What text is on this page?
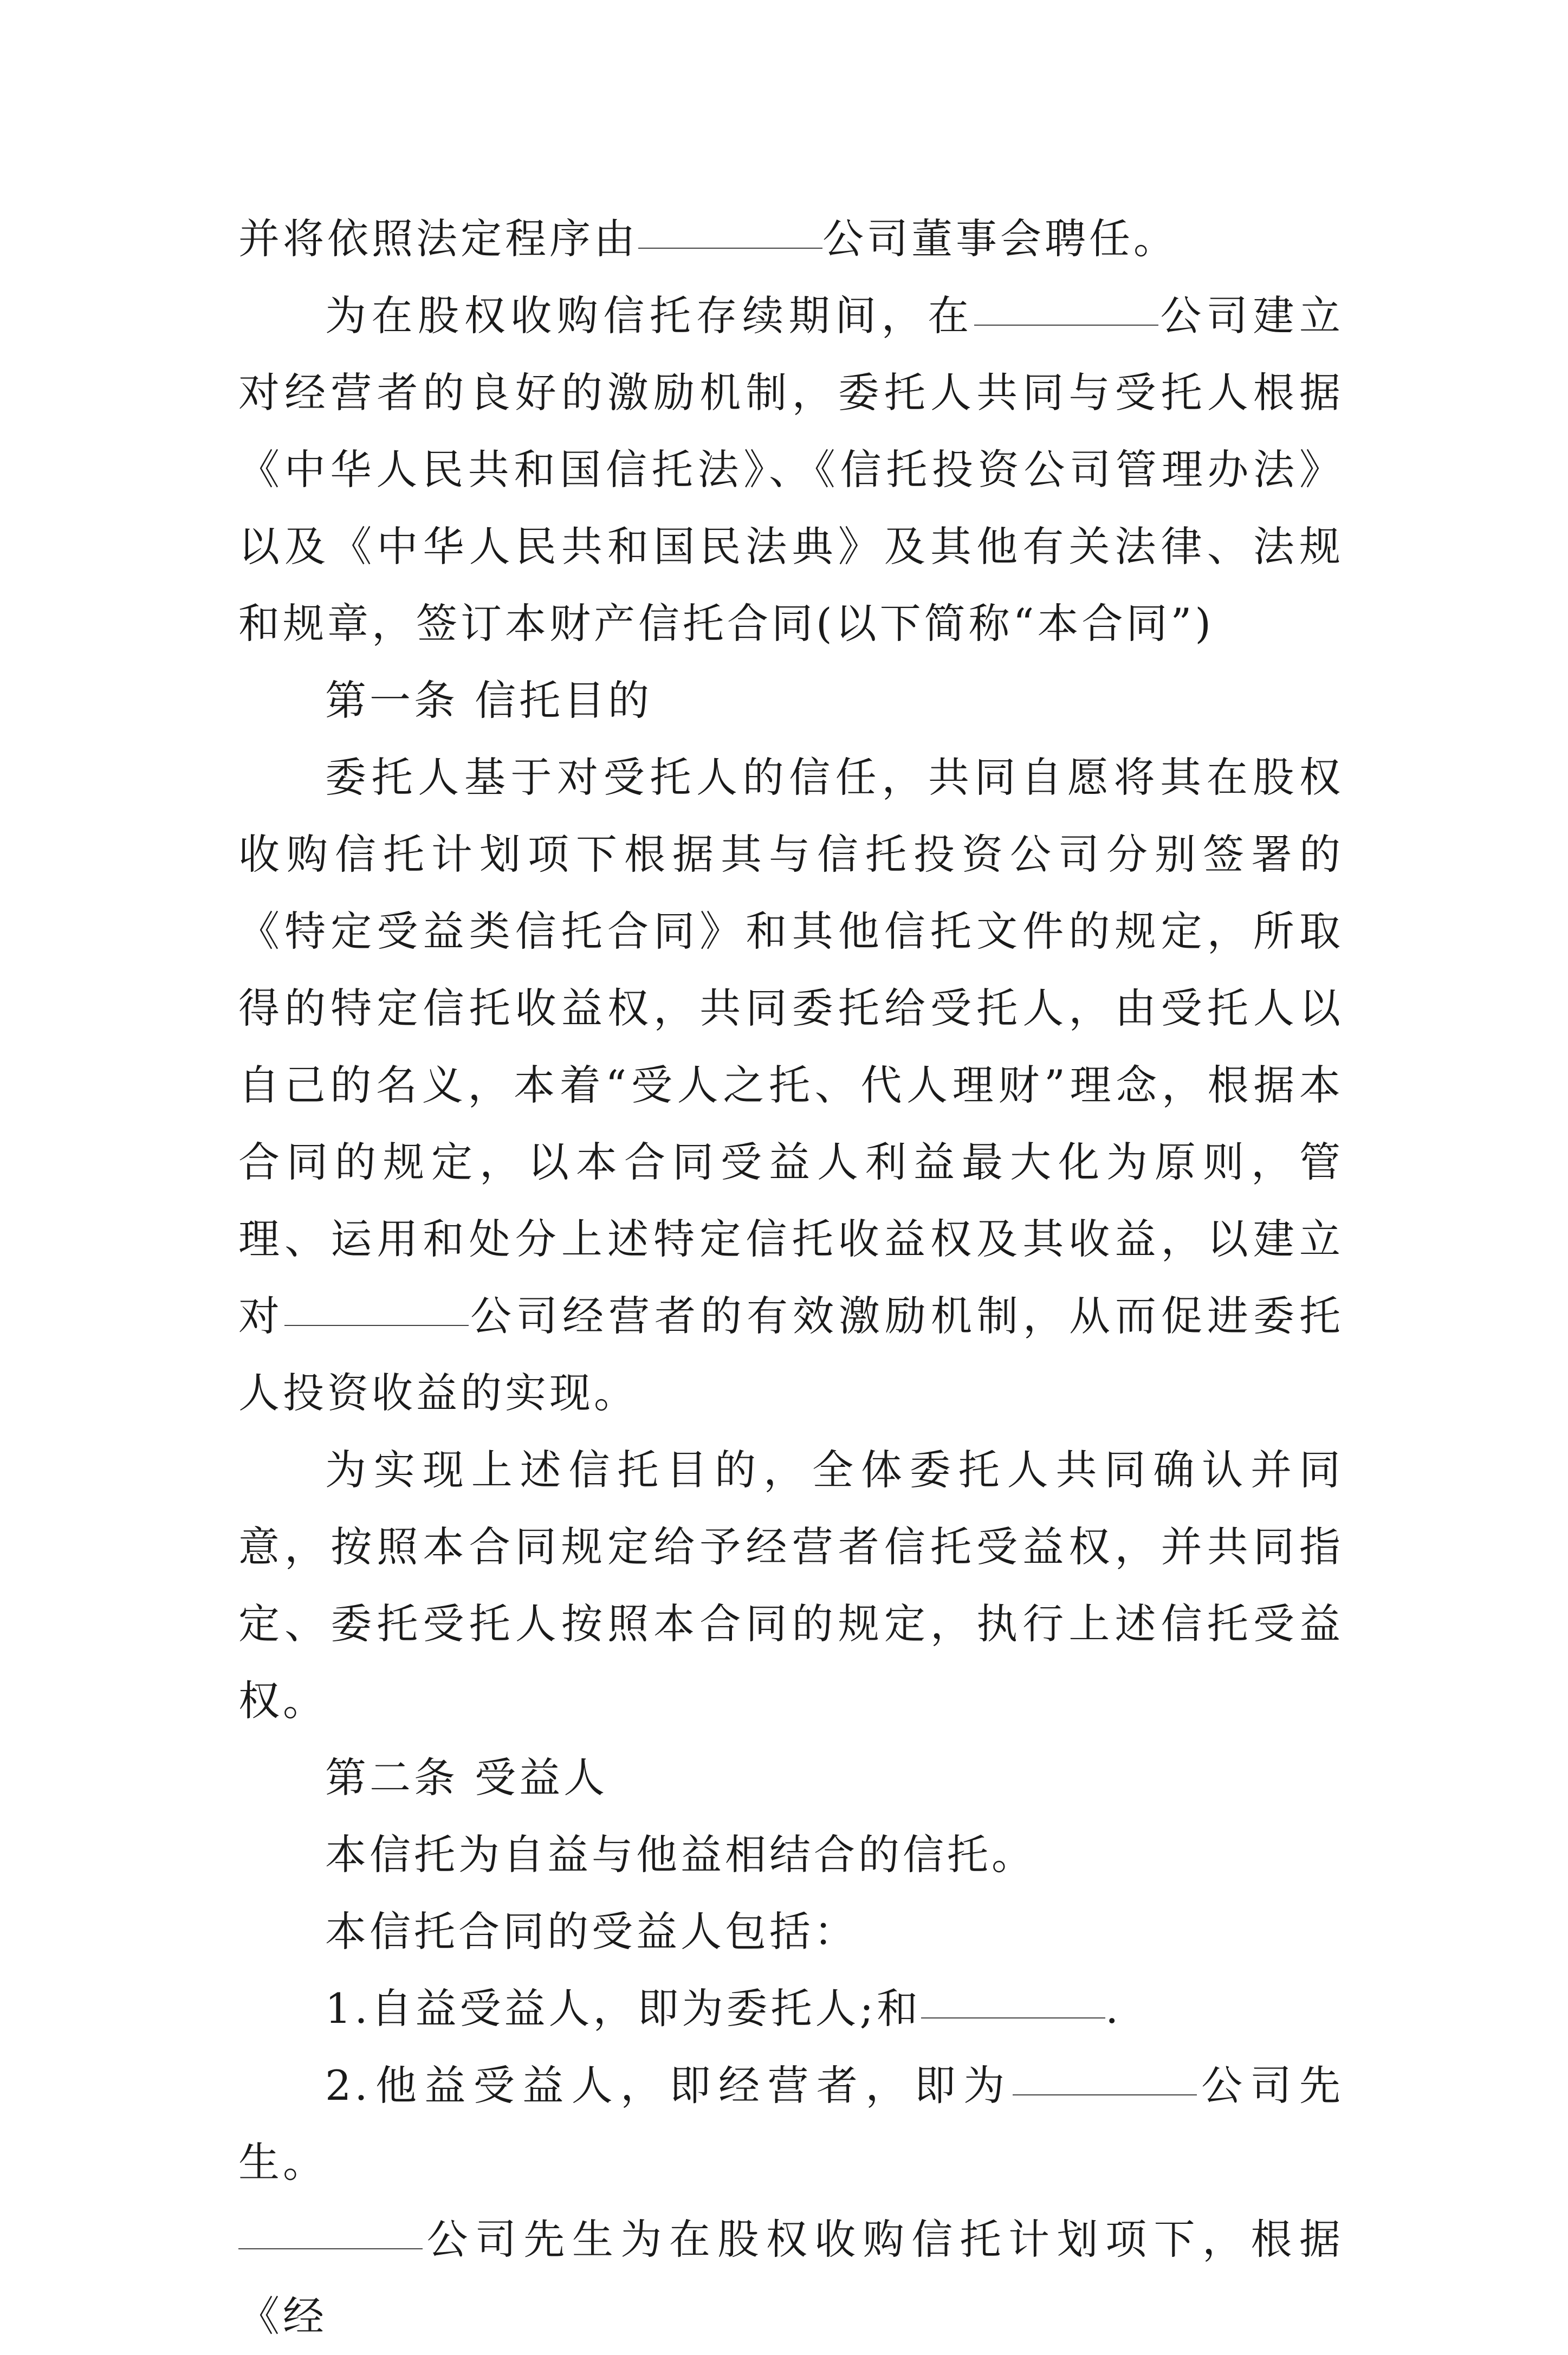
并将依照法定程序由	公司董事会聘任。

为在股权收购信托存续期间，在	公司建立对经营者的良好的激励机制，委托人共同与受托人根据《中华人民共和国信托法》、《信托投资公司管理办法》以及《中华人民共和国民法典》及其他有关法律、法规和规章，签订本财产信托合同(以下简称“本合同”)

第一条 信托目的

委托人基于对受托人的信任，共同自愿将其在股权收购信托计划项下根据其与信托投资公司分别签署的《特定受益类信托合同》和其他信托文件的规定，所取得的特定信托收益权，共同委托给受托人，由受托人以自己的名义，本着“受人之托、代人理财”理念，根据本合同的规定，以本合同受益人利益最大化为原则，管理、运用和处分上述特定信托收益权及其收益，以建立对	公司经营者的有效激励机制，从而促进委托人投资收益的实现。

为实现上述信托目的，全体委托人共同确认并同意，按照本合同规定给予经营者信托受益权，并共同指定、委托受托人按照本合同的规定，执行上述信托受益权。

第二条 受益人

本信托为自益与他益相结合的信托。

本信托合同的受益人包括：

1.自益受益人，即为委托人;和	.

2.他益受益人，即经营者，即为	公司先生。

公司先生为在股权收购信托计划项下，根据《经
